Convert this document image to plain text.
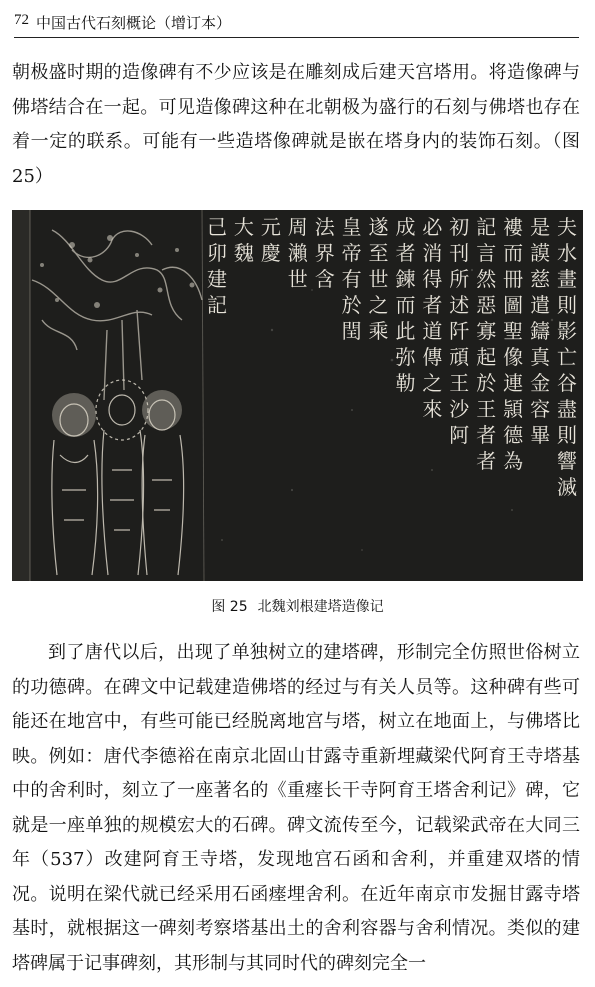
72 中国古代石刻概论（增订本）

朝极盛时期的造像碑有不少应该是在雕刻成后建天宫塔用。将造像碑与佛塔结合在一起。可见造像碑这种在北朝极为盛行的石刻与佛塔也存在着一定的联系。可能有一些造塔像碑就是嵌在塔身内的装饰石刻。（图 25）

夫水畫則影亡谷盡則響滅
是謨慈遣鑄真金容畢
褸而冊圖聖像連頴德為
記言然惡寡起於王者者
初刊所述阡頑王沙阿
必消得者道傳之來
成者鍊而此弥勒
遂至世之乘
皇帝有於閏
法界含
周瀨世
元慶
大魏
己卯建記
图 25 北魏刘根建塔造像记

到了唐代以后，出现了单独树立的建塔碑，形制完全仿照世俗树立的功德碑。在碑文中记载建造佛塔的经过与有关人员等。这种碑有些可能还在地宫中，有些可能已经脱离地宫与塔，树立在地面上，与佛塔比映。例如：唐代李德裕在南京北固山甘露寺重新埋藏梁代阿育王寺塔基中的舍利时，刻立了一座著名的《重瘗长干寺阿育王塔舍利记》碑，它就是一座单独的规模宏大的石碑。碑文流传至今，记载梁武帝在大同三年（537）改建阿育王寺塔，发现地宫石函和舍利，并重建双塔的情况。说明在梁代就已经采用石函瘗埋舍利。在近年南京市发掘甘露寺塔基时，就根据这一碑刻考察塔基出土的舍利容器与舍利情况。类似的建塔碑属于记事碑刻，其形制与其同时代的碑刻完全一
